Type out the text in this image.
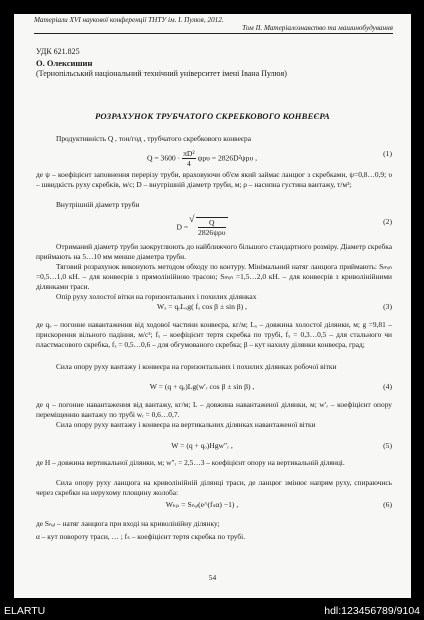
Матеріали XVI наукової конференції ТНТУ ім. І. Пулюя, 2012.
Том ІІ. Матеріалознавство та машинобудування
УДК 621.825
О. Олексишин
(Тернопільський національний технічний університет імені Івана Пулюя)
РОЗРАХУНОК ТРУБЧАТОГО СКРЕБКОВОГО КОНВЕЄРА
Продуктивність Q , тон/год , трубчатого скребкового конвеєра
$Q = 3600 \cdot \frac{\text{πD²}}{4}$ ψρυ = 2826D²ψρυ ,	(1)
де ψ – коефіцієнт заповнення перерізу труби, враховуючи об'єм який займає ланцюг з скребками, ψ=0,8…0,9; υ – швидкість руху скребків, м/с; D – внутрішній діаметр труби, м; ρ – насипна густина вантажу, т/м³;
Внутрішній діаметр труби
D =
√ $\frac{Q}{\text{2826ψρυ}}$	(2)
Отриманий діаметр труби заокруглюють до найближчого більшого стандартного розміру. Діаметр скребка приймають на 5…10 мм менше діаметра труби.
Тяговий розрахунок виконують методом обходу по контуру. Мінімальний натяг ланцюга приймають: Sₘᵢₙ =0,5…1,0 кН. – для конвеєрів з прямолінійною трасою; Sₘᵢₙ =1,5…2,0 кН. – для конвеєрів з криволінійними ділянками траси.
Опір руху холостої вітки на горизонтальних і похилих ділянках
Wₓ = qₒLₓg( fₓ cos β ± sin β) ,	(3)
де qₒ – погонне навантаження від ходової частини конвеєра, кг/м; Lₓ – довжина холостої ділянки, м; g =9,81 – прискорення вільного падіння, м/с²; fₓ – коефіцієнт тертя скребка по трубі, fₓ = 0,3…0,5 – для стального чи пластмасового скребка, fₓ = 0,5…0,6 – для обгумованого скребка; β – кут нахилу ділянки конвеєра, град;
Сила опору руху вантажу і конвеєра на горизонтальних і похилих ділянках робочої вітки
W = (q + qₒ)Lg(w′ᵣ cos β ± sin β) ,	(4)
де q – погонне навантаження від вантажу, кг/м; L – довжина навантаженої ділянки, м; w′ᵣ – коефіцієнт опору переміщенню вантажу по трубі wᵣ = 0,6…0,7.
Сила опору руху вантажу і конвеєра на вертикальних ділянках навантаженої вітки
W = (q + qₒ)Hgw″ᵣ ,	(5)
де H – довжина вертикальної ділянки, м; w″ᵣ = 2,5…3 – коефіцієнт опору на вертикальній ділянці.
Сила опору руху ланцюга на криволінійній ділянці траси, де ланцюг змінює напрям руху, спираючись через скребки на нерухому площину жолоба:
Wₖₚ = Sₙₐₗ(e^(fₛα) −1) ,	(6)
де Sₙₐₗ – натяг ланцюга при вході на криволінійну ділянку;
α – кут повороту траси, … ; fₛ – коефіцієнт тертя скребка по трубі.
54
ELARTU	hdl:123456789/9104
